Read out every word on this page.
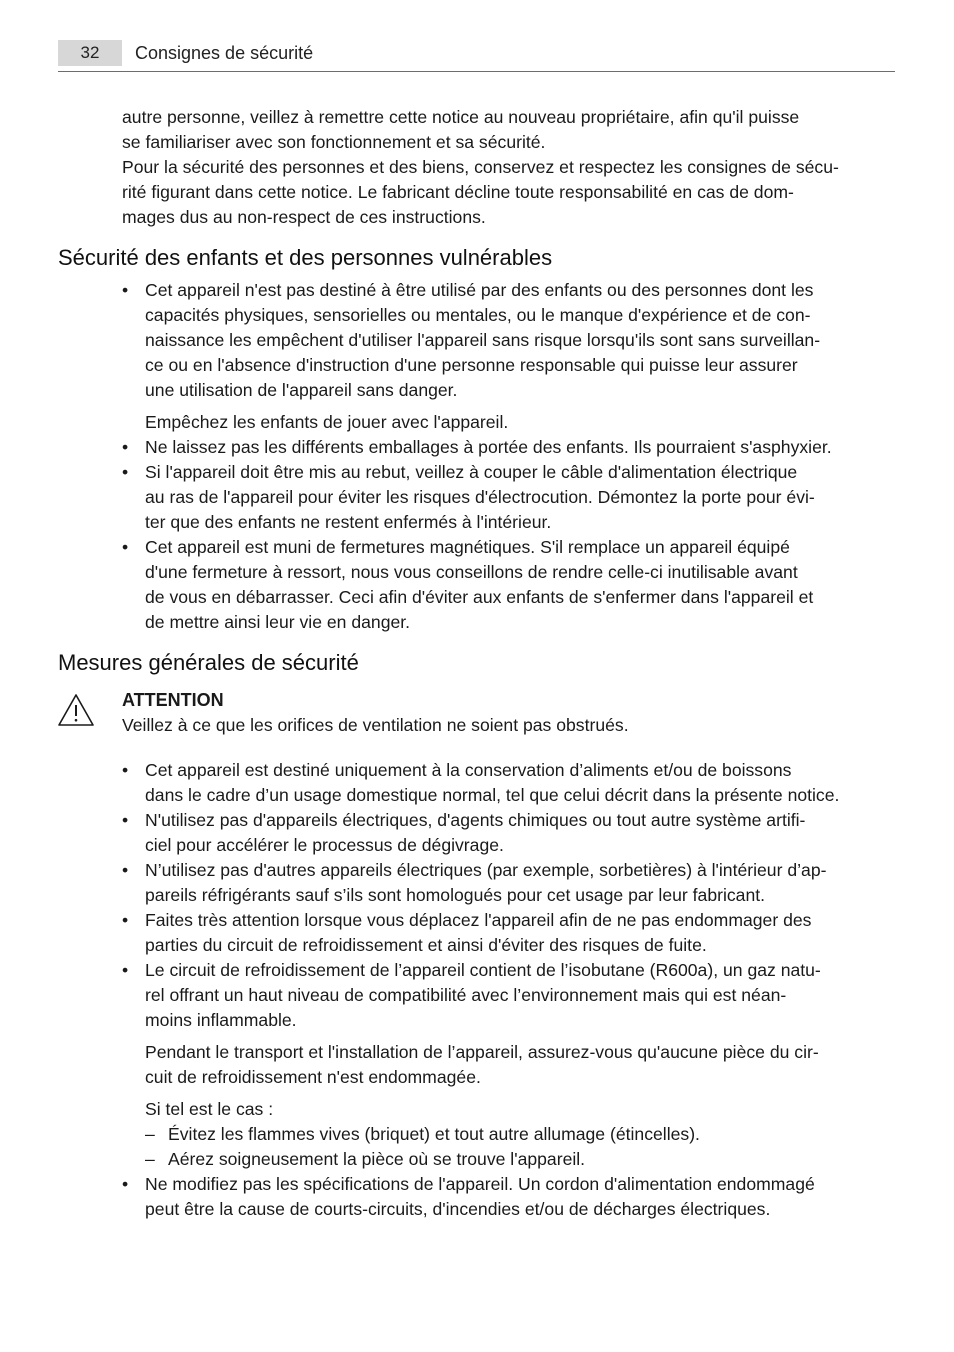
32	Consignes de sécurité
autre personne, veillez à remettre cette notice au nouveau propriétaire, afin qu'il puisse
se familiariser avec son fonctionnement et sa sécurité.
Pour la sécurité des personnes et des biens, conservez et respectez les consignes de sécu-
rité figurant dans cette notice. Le fabricant décline toute responsabilité en cas de dom-
mages dus au non-respect de ces instructions.
Sécurité des enfants et des personnes vulnérables
• Cet appareil n'est pas destiné à être utilisé par des enfants ou des personnes dont les
capacités physiques, sensorielles ou mentales, ou le manque d'expérience et de con-
naissance les empêchent d'utiliser l'appareil sans risque lorsqu'ils sont sans surveillan-
ce ou en l'absence d'instruction d'une personne responsable qui puisse leur assurer
une utilisation de l'appareil sans danger.
Empêchez les enfants de jouer avec l'appareil.
• Ne laissez pas les différents emballages à portée des enfants. Ils pourraient s'asphyxier.
• Si l'appareil doit être mis au rebut, veillez à couper le câble d'alimentation électrique
au ras de l'appareil pour éviter les risques d'électrocution. Démontez la porte pour évi-
ter que des enfants ne restent enfermés à l'intérieur.
• Cet appareil est muni de fermetures magnétiques. S'il remplace un appareil équipé
d'une fermeture à ressort, nous vous conseillons de rendre celle-ci inutilisable avant
de vous en débarrasser. Ceci afin d'éviter aux enfants de s'enfermer dans l'appareil et
de mettre ainsi leur vie en danger.
Mesures générales de sécurité
ATTENTION
Veillez à ce que les orifices de ventilation ne soient pas obstrués.
• Cet appareil est destiné uniquement à la conservation d’aliments et/ou de boissons
dans le cadre d’un usage domestique normal, tel que celui décrit dans la présente notice.
• N'utilisez pas d'appareils électriques, d'agents chimiques ou tout autre système artifi-
ciel pour accélérer le processus de dégivrage.
• N’utilisez pas d'autres appareils électriques (par exemple, sorbetières) à l'intérieur d’ap-
pareils réfrigérants sauf s’ils sont homologués pour cet usage par leur fabricant.
• Faites très attention lorsque vous déplacez l'appareil afin de ne pas endommager des
parties du circuit de refroidissement et ainsi d'éviter des risques de fuite.
• Le circuit de refroidissement de l’appareil contient de l’isobutane (R600a), un gaz natu-
rel offrant un haut niveau de compatibilité avec l’environnement mais qui est néan-
moins inflammable.
Pendant le transport et l'installation de l’appareil, assurez-vous qu'aucune pièce du cir-
cuit de refroidissement n'est endommagée.
Si tel est le cas :
– Évitez les flammes vives (briquet) et tout autre allumage (étincelles).
– Aérez soigneusement la pièce où se trouve l'appareil.
• Ne modifiez pas les spécifications de l'appareil. Un cordon d'alimentation endommagé
peut être la cause de courts-circuits, d'incendies et/ou de décharges électriques.
